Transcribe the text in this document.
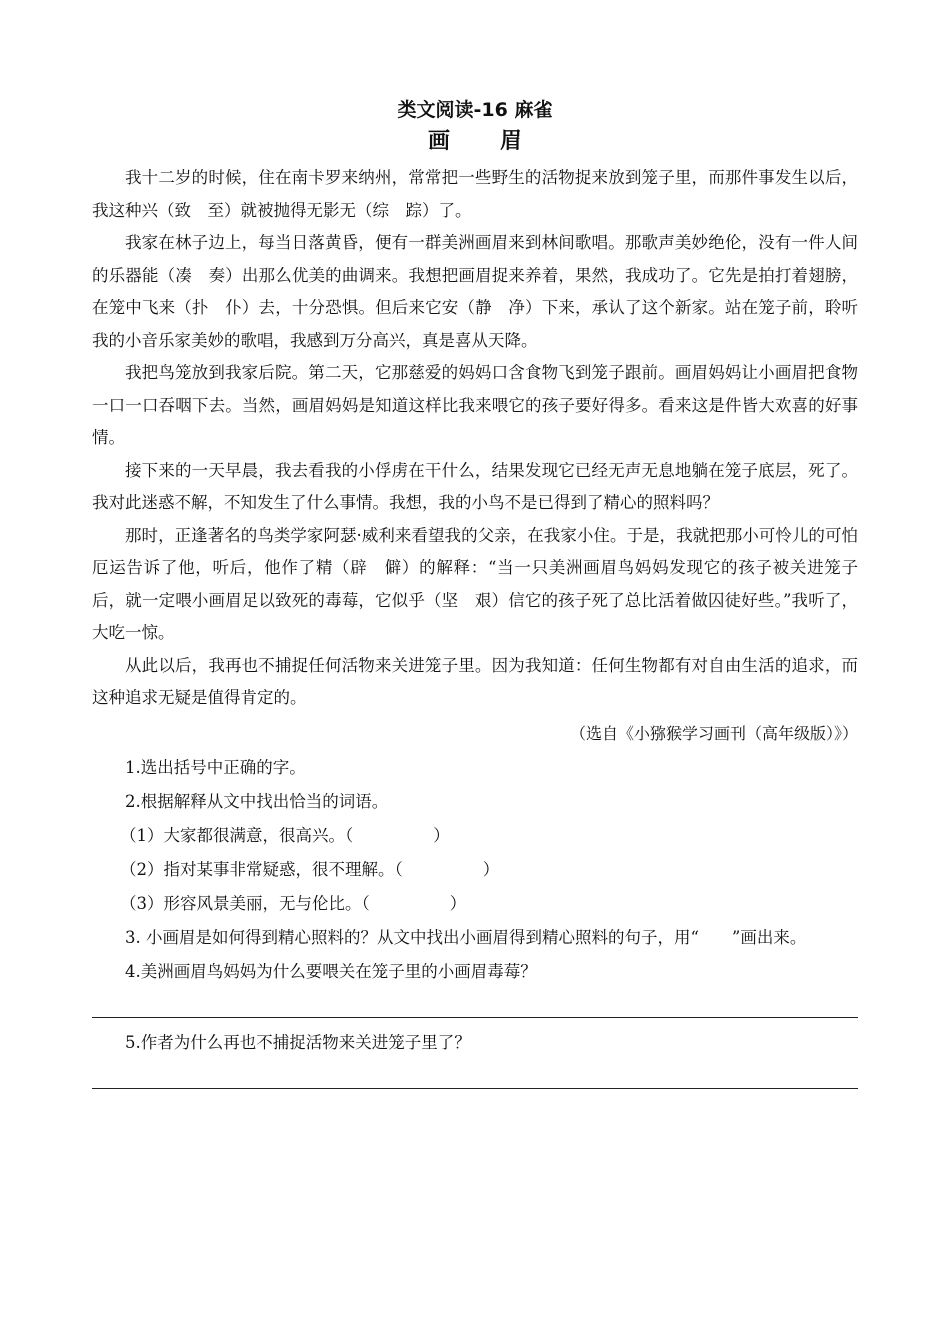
类文阅读-16 麻雀
画　眉

我十二岁的时候，住在南卡罗来纳州，常常把一些野生的活物捉来放到笼子里，而那件事发生以后，我这种兴（致　至）就被抛得无影无（综　踪）了。

我家在林子边上，每当日落黄昏，便有一群美洲画眉来到林间歌唱。那歌声美妙绝伦，没有一件人间的乐器能（凑　奏）出那么优美的曲调来。我想把画眉捉来养着，果然，我成功了。它先是拍打着翅膀，在笼中飞来（扑　仆）去，十分恐惧。但后来它安（静　净）下来，承认了这个新家。站在笼子前，聆听我的小音乐家美妙的歌唱，我感到万分高兴，真是喜从天降。

我把鸟笼放到我家后院。第二天，它那慈爱的妈妈口含食物飞到笼子跟前。画眉妈妈让小画眉把食物一口一口吞咽下去。当然，画眉妈妈是知道这样比我来喂它的孩子要好得多。看来这是件皆大欢喜的好事情。

接下来的一天早晨，我去看我的小俘虏在干什么，结果发现它已经无声无息地躺在笼子底层，死了。我对此迷惑不解，不知发生了什么事情。我想，我的小鸟不是已得到了精心的照料吗？

那时，正逢著名的鸟类学家阿瑟·威利来看望我的父亲，在我家小住。于是，我就把那小可怜儿的可怕厄运告诉了他，听后，他作了精（辟　僻）的解释：“当一只美洲画眉鸟妈妈发现它的孩子被关进笼子后，就一定喂小画眉足以致死的毒莓，它似乎（坚　艰）信它的孩子死了总比活着做囚徒好些。”我听了，大吃一惊。

从此以后，我再也不捕捉任何活物来关进笼子里。因为我知道：任何生物都有对自由生活的追求，而这种追求无疑是值得肯定的。

（选自《小猕猴学习画刊（高年级版）》）

1.选出括号中正确的字。

2.根据解释从文中找出恰当的词语。

（1）大家都很满意，很高兴。（	）

（2）指对某事非常疑惑，很不理解。（	）

（3）形容风景美丽，无与伦比。（	）

3. 小画眉是如何得到精心照料的？从文中找出小画眉得到精心照料的句子，用“　　”画出来。

4.美洲画眉鸟妈妈为什么要喂关在笼子里的小画眉毒莓？

5.作者为什么再也不捕捉活物来关进笼子里了？
